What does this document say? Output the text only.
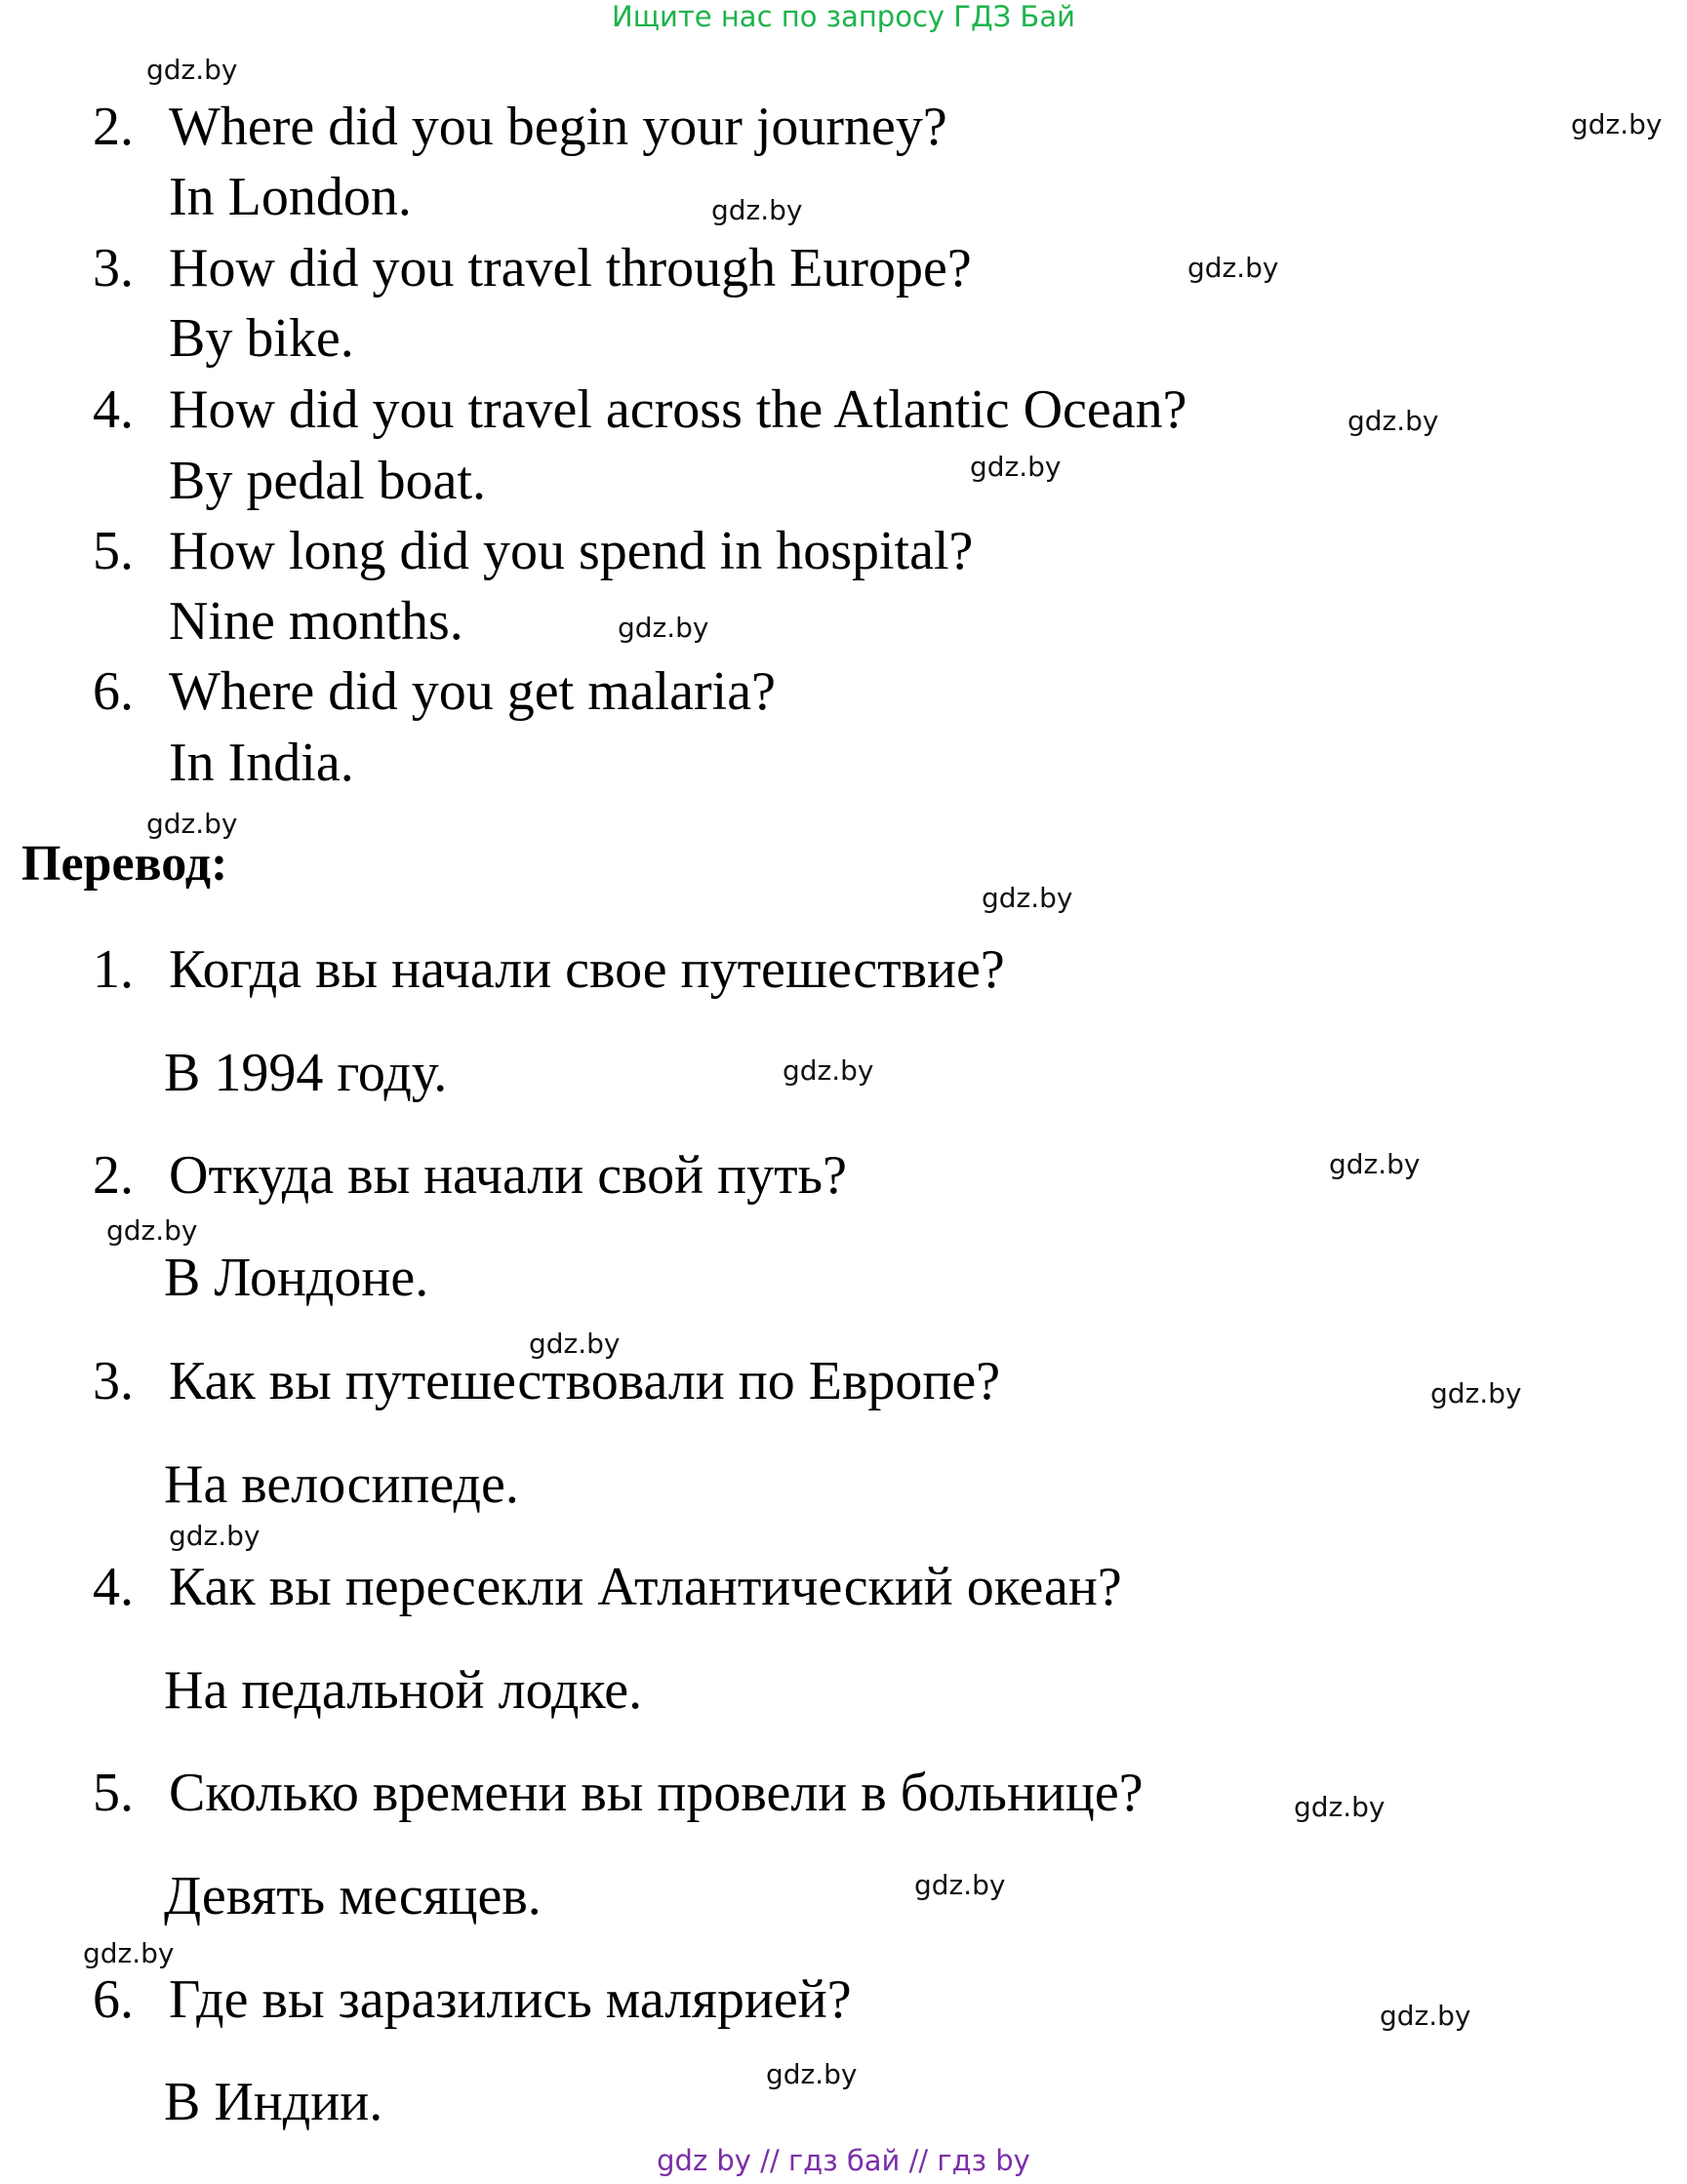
Ищите нас по запросу ГДЗ Бай
2. Where did you begin your journey?
In London.
3. How did you travel through Europe?
By bike.
4. How did you travel across the Atlantic Ocean?
By pedal boat.
5. How long did you spend in hospital?
Nine months.
6. Where did you get malaria?
In India.
Перевод:
1. Когда вы начали свое путешествие?
В 1994 году.
2. Откуда вы начали свой путь?
В Лондоне.
3. Как вы путешествовали по Европе?
На велосипеде.
4. Как вы пересекли Атлантический океан?
На педальной лодке.
5. Сколько времени вы провели в больнице?
Девять месяцев.
6. Где вы заразились малярией?
В Индии.
gdz.by
gdz.by
gdz.by
gdz.by
gdz.by
gdz.by
gdz.by
gdz.by
gdz.by
gdz.by
gdz.by
gdz.by
gdz.by
gdz.by
gdz.by
gdz.by
gdz.by
gdz.by
gdz.by
gdz.by
gdz by // гдз бай // гдз by
